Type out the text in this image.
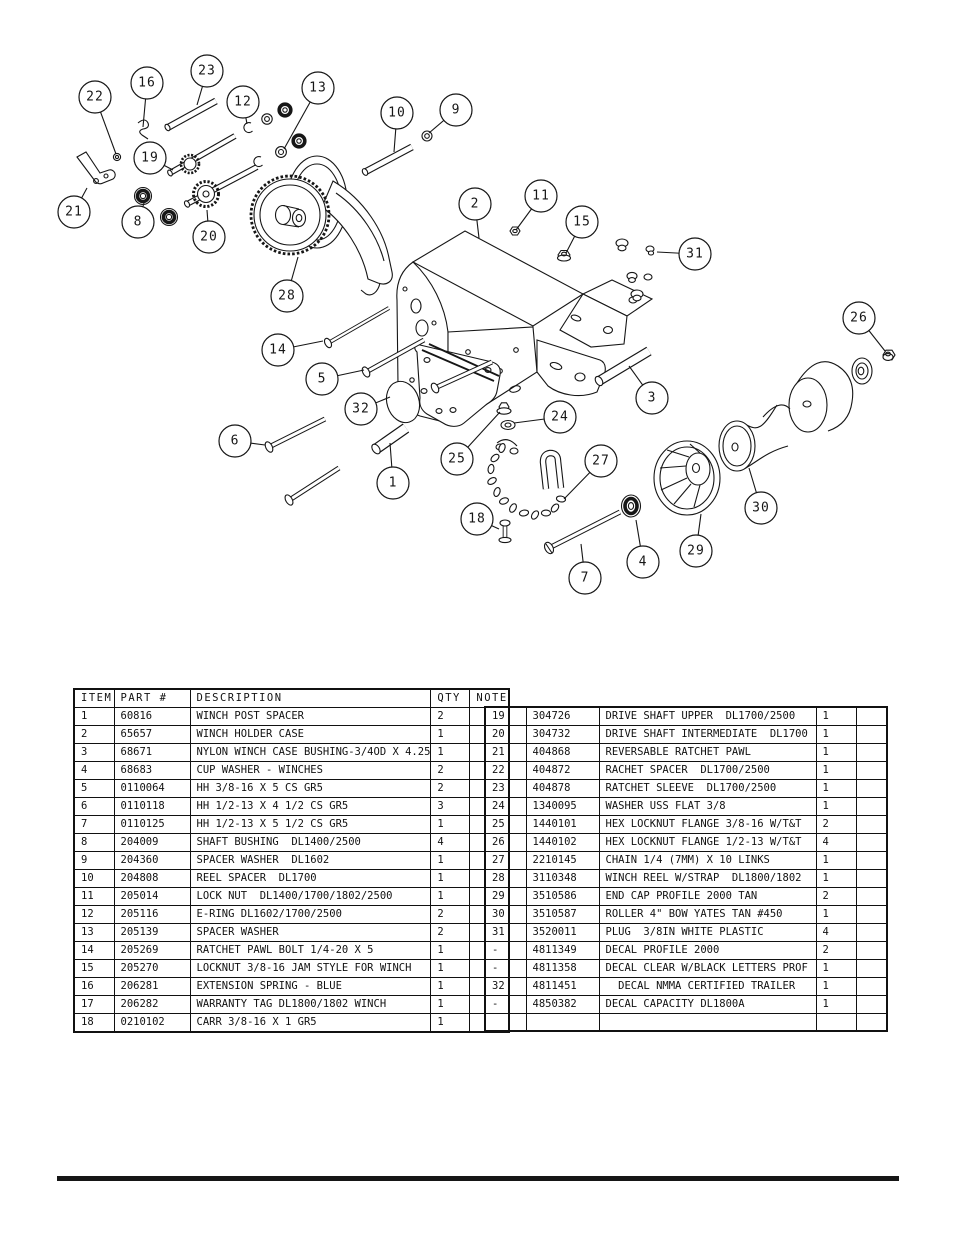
22
16
23
12
13
10	9
19
21
8
20
28
2
11
15
31
26
14
5
3
32
24
6
25
1
27
30
18
29
4
7
ITEM	PART #	DESCRIPTION	QTY	NOTE
1	60816	WINCH POST SPACER	2	
2	65657	WINCH HOLDER CASE	1	
3	68671	NYLON WINCH CASE BUSHING-3/4OD X 4.25	1	
4	68683	CUP WASHER - WINCHES	2	
5	0110064	HH 3/8-16 X 5 CS GR5	2	
6	0110118	HH 1/2-13 X 4 1/2 CS GR5	3	
7	0110125	HH 1/2-13 X 5 1/2 CS GR5	1	
8	204009	SHAFT BUSHING  DL1400/2500	4	
9	204360	SPACER WASHER  DL1602	1	
10	204808	REEL SPACER  DL1700	1	
11	205014	LOCK NUT  DL1400/1700/1802/2500	1	
12	205116	E-RING DL1602/1700/2500	2	
13	205139	SPACER WASHER	2	
14	205269	RATCHET PAWL BOLT 1/4-20 X 5	1	
15	205270	LOCKNUT 3/8-16 JAM STYLE FOR WINCH	1	
16	206281	EXTENSION SPRING - BLUE	1	
17	206282	WARRANTY TAG DL1800/1802 WINCH	1	
18	0210102	CARR 3/8-16 X 1 GR5	1	
19	304726	DRIVE SHAFT UPPER  DL1700/2500	1	
20	304732	DRIVE SHAFT INTERMEDIATE  DL1700	1	
21	404868	REVERSABLE RATCHET PAWL	1	
22	404872	RACHET SPACER  DL1700/2500	1	
23	404878	RATCHET SLEEVE  DL1700/2500	1	
24	1340095	WASHER USS FLAT 3/8	1	
25	1440101	HEX LOCKNUT FLANGE 3/8-16 W/T&T	2	
26	1440102	HEX LOCKNUT FLANGE 1/2-13 W/T&T	4	
27	2210145	CHAIN 1/4 (7MM) X 10 LINKS	1	
28	3110348	WINCH REEL W/STRAP  DL1800/1802	1	
29	3510586	END CAP PROFILE 2000 TAN	2	
30	3510587	ROLLER 4" BOW YATES TAN #450	1	
31	3520011	PLUG  3/8IN WHITE PLASTIC	4	
-	4811349	DECAL PROFILE 2000	2	
-	4811358	DECAL CLEAR W/BLACK LETTERS PROF	1	
32	4811451	DECAL NMMA CERTIFIED TRAILER	1	
-	4850382	DECAL CAPACITY DL1800A	1	
